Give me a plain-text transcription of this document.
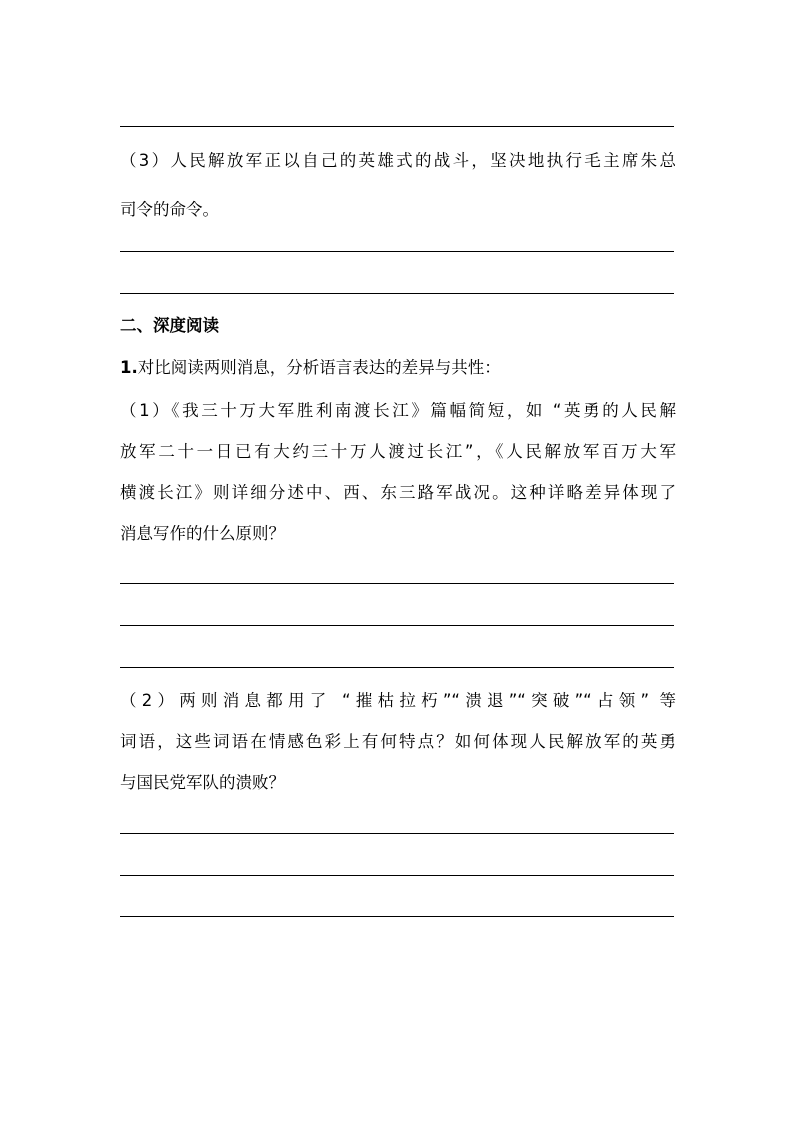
（3）人民解放军正以自己的英雄式的战斗，坚决地执行毛主席朱总
司令的命令。
二、深度阅读
1.对比阅读两则消息，分析语言表达的差异与共性：
（1）《我三十万大军胜利南渡长江》篇幅简短，如 “英勇的人民解
放军二十一日已有大约三十万人渡过长江”，《人民解放军百万大军
横渡长江》则详细分述中、西、东三路军战况。这种详略差异体现了
消息写作的什么原则？
（2）两则消息都用了 “摧枯拉朽”“溃退”“突破”“占领” 等
词语，这些词语在情感色彩上有何特点？如何体现人民解放军的英勇
与国民党军队的溃败？
